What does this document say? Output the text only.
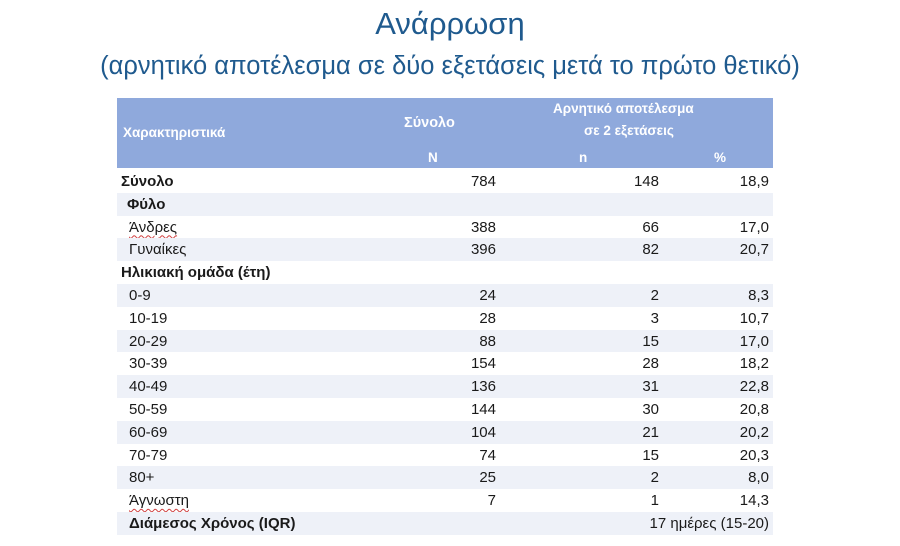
Ανάρρωση
(αρνητικό αποτέλεσμα σε δύο εξετάσεις μετά το πρώτο θετικό)
Χαρακτηριστικά
Σύνολο
Αρνητικό αποτέλεσμα
σε 2 εξετάσεις
N	n	%
Σύνολο	784	148	18,9
Φύλο
Άνδρες	388	66	17,0
Γυναίκες	396	82	20,7
Ηλικιακή ομάδα (έτη)
0-9	24	2	8,3
10-19	28	3	10,7
20-29	88	15	17,0
30-39	154	28	18,2
40-49	136	31	22,8
50-59	144	30	20,8
60-69	104	21	20,2
70-79	74	15	20,3
80+	25	2	8,0
Άγνωστη	7	1	14,3
Διάμεσος Χρόνος (IQR)	17 ημέρες (15-20)
